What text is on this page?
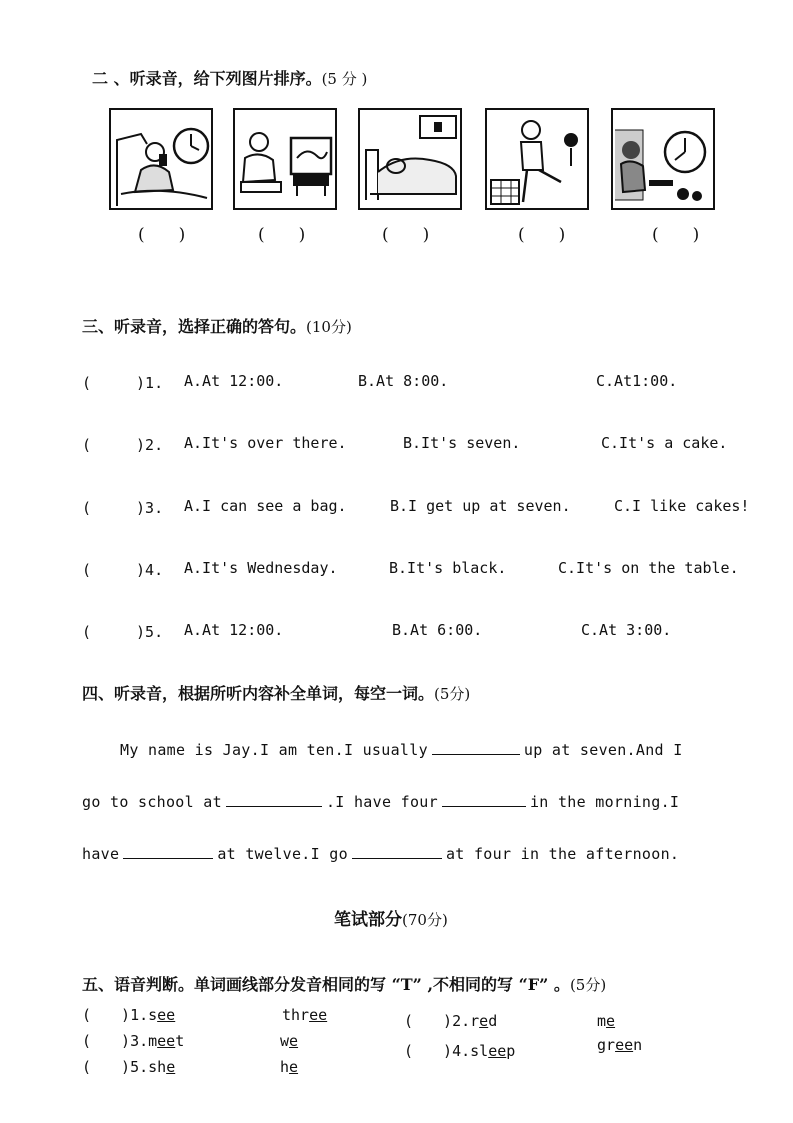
二 、听录音，给下列图片排序。(5 分 )
(　　)	(　　)	(　　)	(　　)	(　　)
三、听录音，选择正确的答句。(10分)
(　　　)1. A.At 12:00.	B.At 8:00.	C.At1:00.
(　　　)2. A.It's over there.	B.It's seven.	C.It's a cake.
(　　　)3. A.I can see a bag.	B.I get up at seven.	C.I like cakes!
(　　　)4. A.It's Wednesday.	B.It's black.	C.It's on the table.
(　　　)5. A.At 12:00.	B.At 6:00.	C.At 3:00.
四、听录音，根据所听内容补全单词，每空一词。(5分)
My name is Jay.I am ten.I usually	up at seven.And I
go to school at	.I have four	in the morning.I
have	at twelve.I go	at four in the afternoon.
笔试部分(70分)
五、语音判断。单词画线部分发音相同的写 “T” ,不相同的写 “F” 。(5分)
(　　)1.see	three	(　　)2.red	me
(　　)3.meet	we
(　　)4.sleep	green
(　　)5.she	he
